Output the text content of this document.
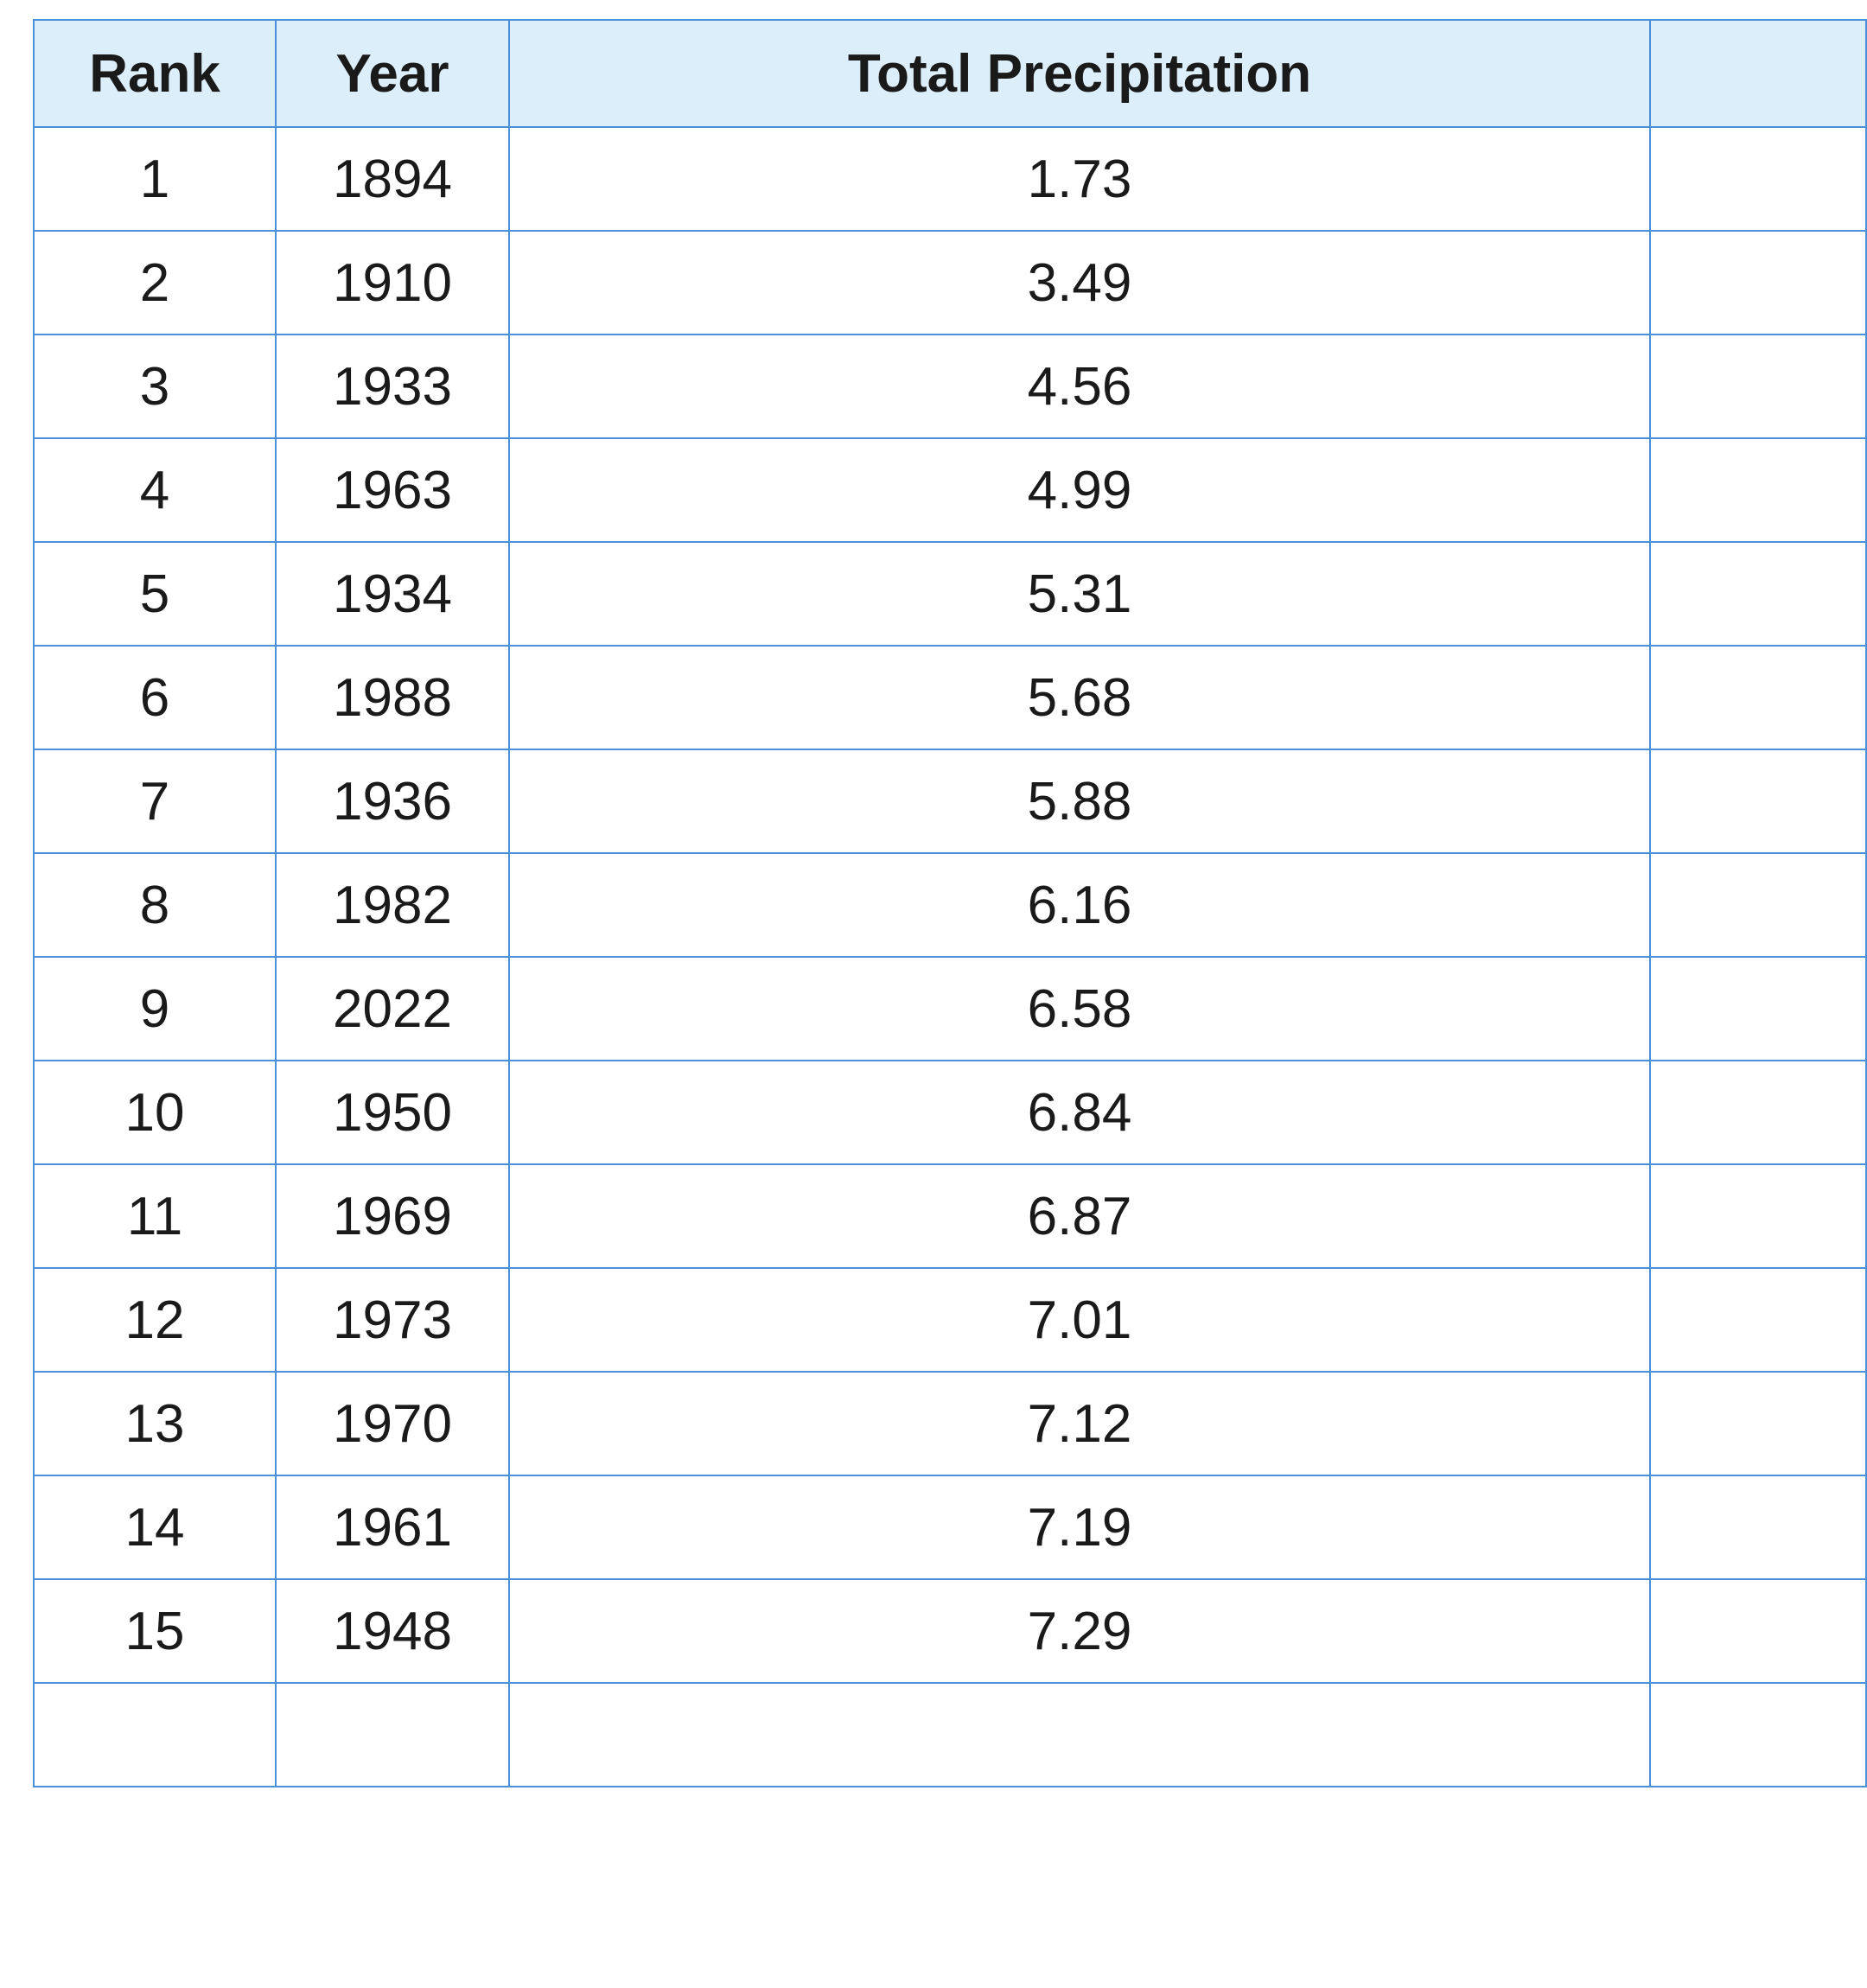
Rank	Year	Total Precipitation	
1	1894	1.73	
2	1910	3.49	
3	1933	4.56	
4	1963	4.99	
5	1934	5.31	
6	1988	5.68	
7	1936	5.88	
8	1982	6.16	
9	2022	6.58	
10	1950	6.84	
11	1969	6.87	
12	1973	7.01	
13	1970	7.12	
14	1961	7.19	
15	1948	7.29	
